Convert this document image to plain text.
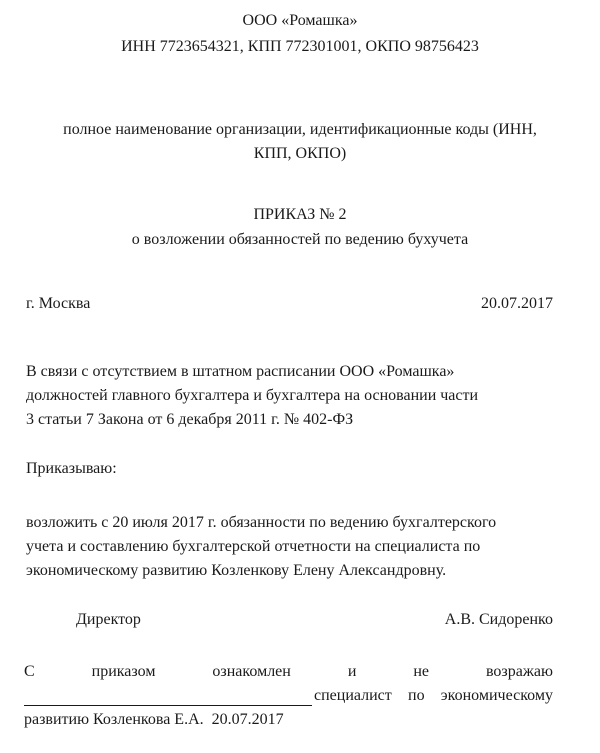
ООО «Ромашка»
ИНН 7723654321, КПП 772301001, ОКПО 98756423
полное наименование организации, идентификационные коды (ИНН,
КПП, ОКПО)
ПРИКАЗ № 2
о возложении обязанностей по ведению бухучета
г. Москва	20.07.2017
В связи с отсутствием в штатном расписании ООО «Ромашка»
должностей главного бухгалтера и бухгалтера на основании части
3 статьи 7 Закона от 6 декабря 2011 г. № 402-ФЗ
Приказываю:
возложить с 20 июля 2017 г. обязанности по ведению бухгалтерского
учета и составлению бухгалтерской отчетности на специалиста по
экономическому развитию Козленкову Елену Александровну.
Директор	А.В. Сидоренко
С	приказом	ознакомлен	и	не	возражаю
специалист по экономическому
развитию Козленкова Е.А.  20.07.2017
